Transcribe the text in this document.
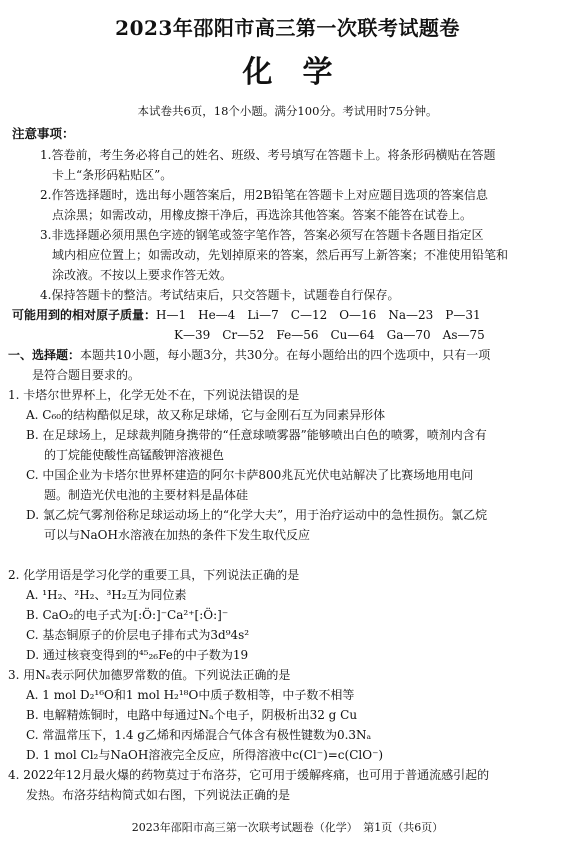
2023年邵阳市高三第一次联考试题卷
化学
本试卷共6页，18个小题。满分100分。考试用时75分钟。
注意事项：
1.答卷前，考生务必将自己的姓名、班级、考号填写在答题卡上。将条形码横贴在答题
卡上“条形码粘贴区”。
2.作答选择题时，选出每小题答案后，用2B铅笔在答题卡上对应题目选项的答案信息
点涂黑；如需改动，用橡皮擦干净后，再选涂其他答案。答案不能答在试卷上。
3.非选择题必须用黑色字迹的钢笔或签字笔作答，答案必须写在答题卡各题目指定区
域内相应位置上；如需改动，先划掉原来的答案，然后再写上新答案；不准使用铅笔和
涂改液。不按以上要求作答无效。
4.保持答题卡的整洁。考试结束后，只交答题卡，试题卷自行保存。
可能用到的相对原子质量：H—1　He—4　Li—7　C—12　O—16　Na—23　P—31
K—39　Cr—52　Fe—56　Cu—64　Ga—70　As—75
一、选择题：本题共10小题，每小题3分，共30分。在每小题给出的四个选项中，只有一项
是符合题目要求的。
1. 卡塔尔世界杯上，化学无处不在，下列说法错误的是
A. C₆₀的结构酷似足球，故又称足球烯，它与金刚石互为同素异形体
B. 在足球场上，足球裁判随身携带的“任意球喷雾器”能够喷出白色的喷雾，喷剂内含有
的丁烷能使酸性高锰酸钾溶液褪色
C. 中国企业为卡塔尔世界杯建造的阿尔卡萨800兆瓦光伏电站解决了比赛场地用电问
题。制造光伏电池的主要材料是晶体硅
D. 氯乙烷气雾剂俗称足球运动场上的“化学大夫”，用于治疗运动中的急性损伤。氯乙烷
可以与NaOH水溶液在加热的条件下发生取代反应
2. 化学用语是学习化学的重要工具，下列说法正确的是
A. ¹H₂、²H₂、³H₂互为同位素
B. CaO₂的电子式为[:Ö:]⁻Ca²⁺[:Ö:]⁻
C. 基态铜原子的价层电子排布式为3d⁹4s²
D. 通过核衰变得到的⁴⁵₂₆Fe的中子数为19
3. 用Nₐ表示阿伏加德罗常数的值。下列说法正确的是
A. 1 mol D₂¹⁶O和1 mol H₂¹⁸O中质子数相等，中子数不相等
B. 电解精炼铜时，电路中每通过Nₐ个电子，阴极析出32 g Cu
C. 常温常压下，1.4 g乙烯和丙烯混合气体含有极性键数为0.3Nₐ
D. 1 mol Cl₂与NaOH溶液完全反应，所得溶液中c(Cl⁻)=c(ClO⁻)
4. 2022年12月最火爆的药物莫过于布洛芬，它可用于缓解疼痛，也可用于普通流感引起的
发热。布洛芬结构简式如右图，下列说法正确的是
2023年邵阳市高三第一次联考试题卷（化学）　第1页（共6页）
